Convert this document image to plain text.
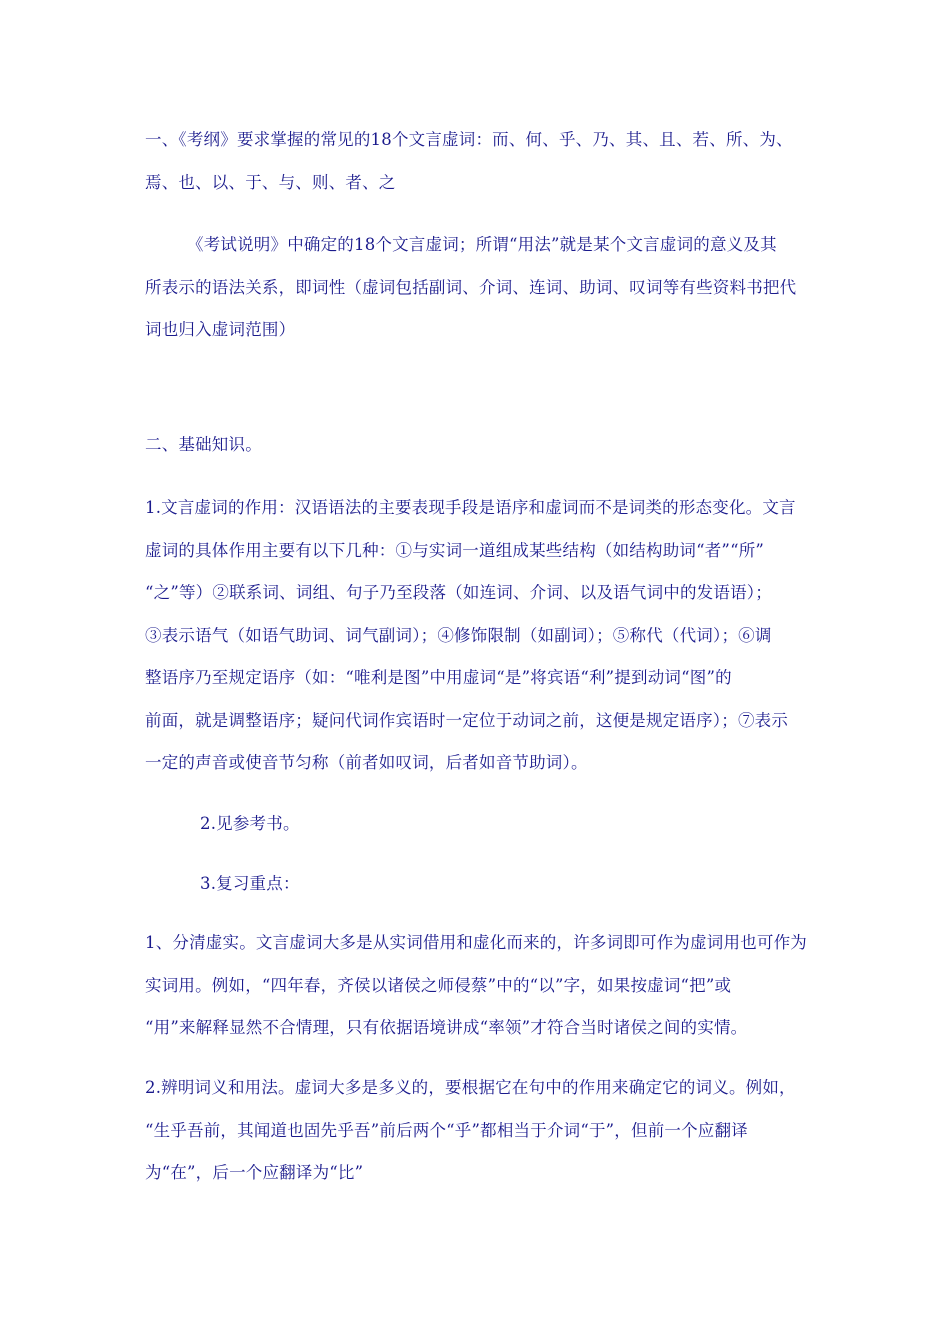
一、《考纲》要求掌握的常见的18个文言虚词：而、何、乎、乃、其、且、若、所、为、
焉、也、以、于、与、则、者、之
《考试说明》中确定的18个文言虚词；所谓“用法”就是某个文言虚词的意义及其
所表示的语法关系，即词性（虚词包括副词、介词、连词、助词、叹词等有些资料书把代
词也归入虚词范围）
二、基础知识。
1.文言虚词的作用：汉语语法的主要表现手段是语序和虚词而不是词类的形态变化。文言
虚词的具体作用主要有以下几种：①与实词一道组成某些结构（如结构助词“者”“所”
“之”等）②联系词、词组、句子乃至段落（如连词、介词、以及语气词中的发语语）；
③表示语气（如语气助词、词气副词）；④修饰限制（如副词）；⑤称代（代词）；⑥调
整语序乃至规定语序（如：“唯利是图”中用虚词“是”将宾语“利”提到动词“图”的
前面，就是调整语序；疑问代词作宾语时一定位于动词之前，这便是规定语序）；⑦表示
一定的声音或使音节匀称（前者如叹词，后者如音节助词）。
2.见参考书。
3.复习重点：
1、分清虚实。文言虚词大多是从实词借用和虚化而来的，许多词即可作为虚词用也可作为
实词用。例如，“四年春，齐侯以诸侯之师侵蔡”中的“以”字，如果按虚词“把”或
“用”来解释显然不合情理，只有依据语境讲成“率领”才符合当时诸侯之间的实情。
2.辨明词义和用法。虚词大多是多义的，要根据它在句中的作用来确定它的词义。例如，
“生乎吾前，其闻道也固先乎吾”前后两个“乎”都相当于介词“于”，但前一个应翻译
为“在”，后一个应翻译为“比”
